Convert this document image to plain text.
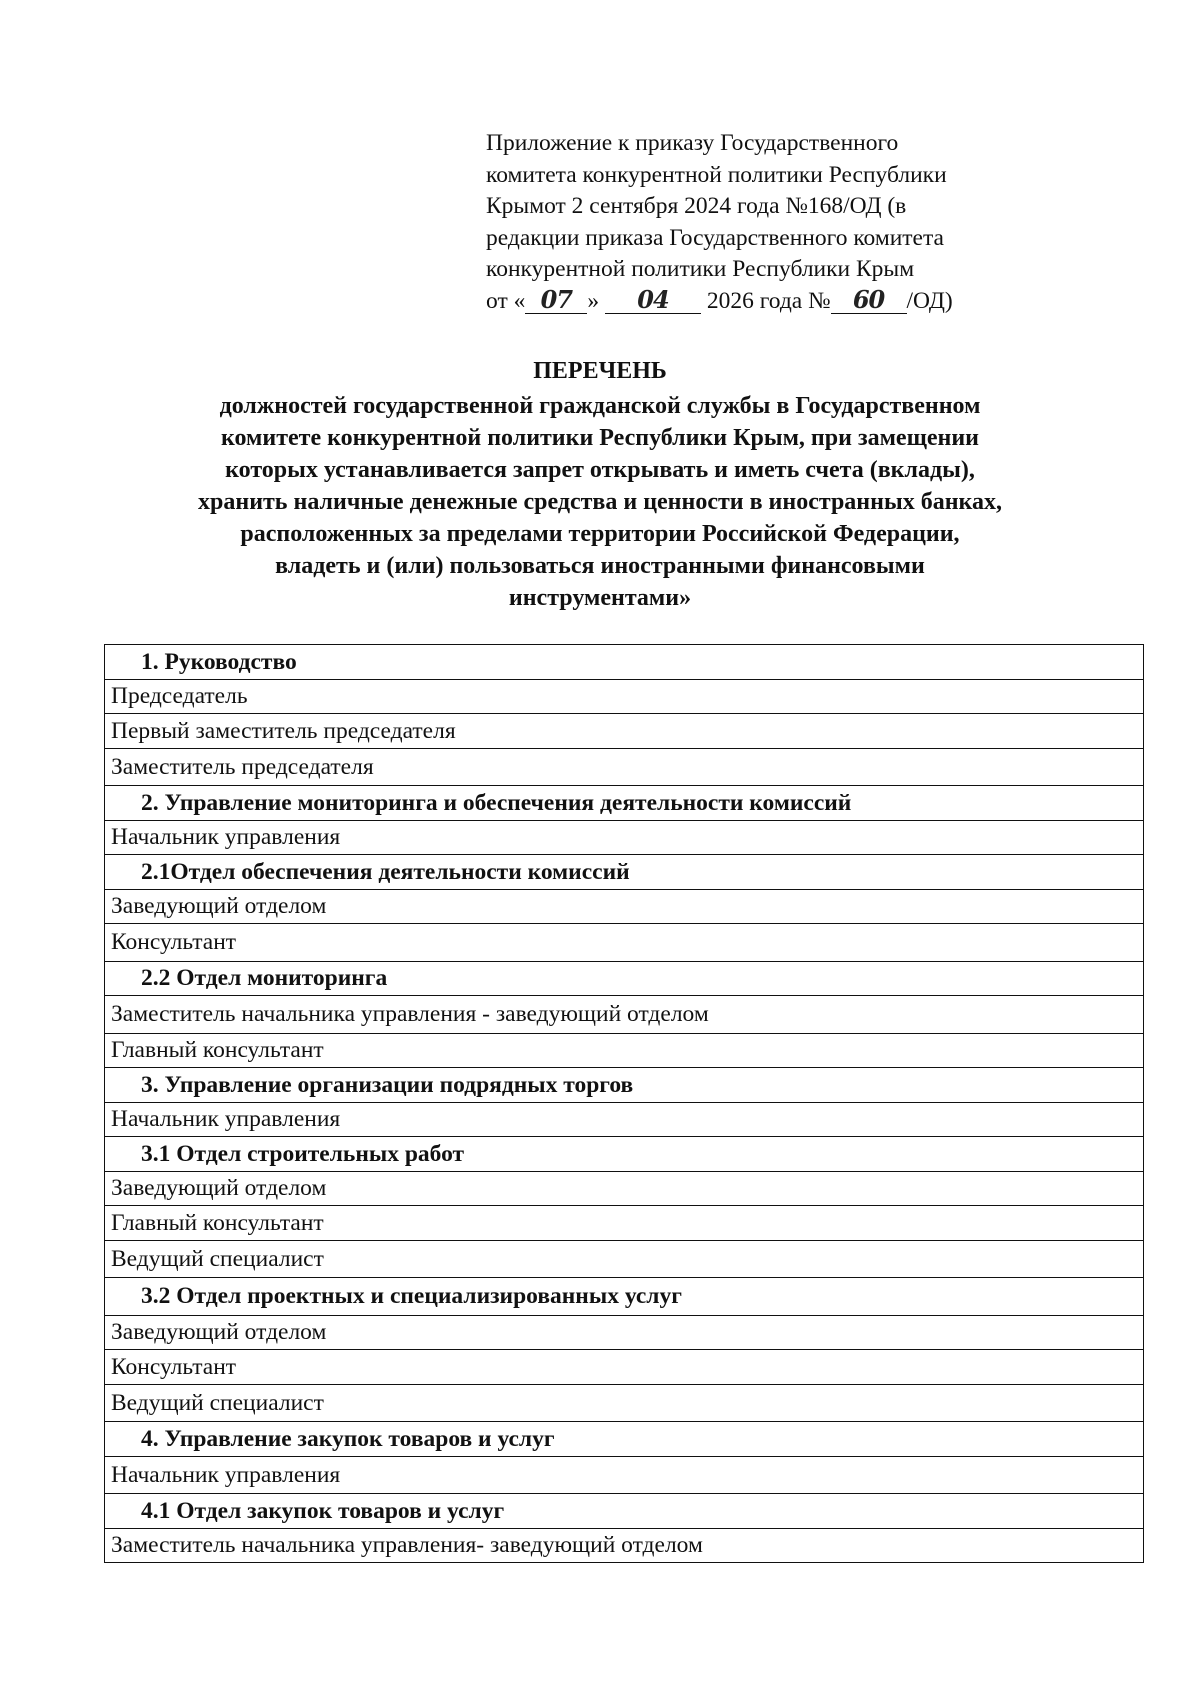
Приложение к приказу Государственного
комитета конкурентной политики Республики
Крымот 2 сентября 2024 года №168/ОД (в
редакции приказа Государственного комитета
конкурентной политики Республики Крым
от « 07 » 04 2026 года № 60 /ОД)
ПЕРЕЧЕНЬ
должностей государственной гражданской службы в Государственном
комитете конкурентной политики Республики Крым, при замещении
которых устанавливается запрет открывать и иметь счета (вклады),
хранить наличные денежные средства и ценности в иностранных банках,
расположенных за пределами территории Российской Федерации,
владеть и (или) пользоваться иностранными финансовыми
инструментами»
1. Руководство
Председатель
Первый заместитель председателя
Заместитель председателя
2. Управление мониторинга и обеспечения деятельности комиссий
Начальник управления
2.1Отдел обеспечения деятельности комиссий
Заведующий отделом
Консультант
2.2 Отдел мониторинга
Заместитель начальника управления - заведующий отделом
Главный консультант
3. Управление организации подрядных торгов
Начальник управления
3.1 Отдел строительных работ
Заведующий отделом
Главный консультант
Ведущий специалист
3.2 Отдел проектных и специализированных услуг
Заведующий отделом
Консультант
Ведущий специалист
4. Управление закупок товаров и услуг
Начальник управления
4.1 Отдел закупок товаров и услуг
Заместитель начальника управления- заведующий отделом
